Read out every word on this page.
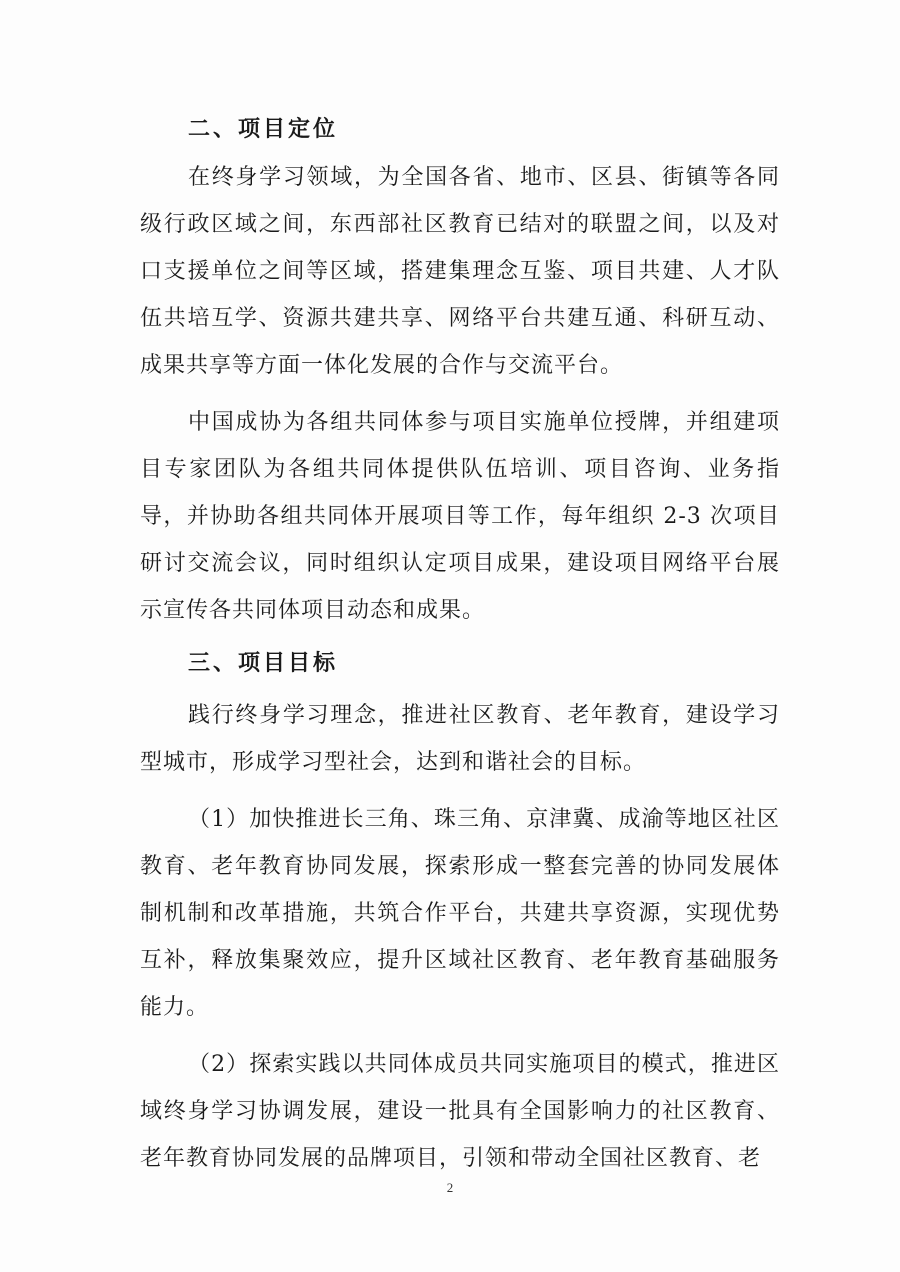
二、项目定位

在终身学习领域，为全国各省、地市、区县、街镇等各同级行政区域之间，东西部社区教育已结对的联盟之间，以及对口支援单位之间等区域，搭建集理念互鉴、项目共建、人才队伍共培互学、资源共建共享、网络平台共建互通、科研互动、成果共享等方面一体化发展的合作与交流平台。

中国成协为各组共同体参与项目实施单位授牌，并组建项目专家团队为各组共同体提供队伍培训、项目咨询、业务指导，并协助各组共同体开展项目等工作，每年组织 2-3 次项目研讨交流会议，同时组织认定项目成果，建设项目网络平台展示宣传各共同体项目动态和成果。

三、项目目标

践行终身学习理念，推进社区教育、老年教育，建设学习型城市，形成学习型社会，达到和谐社会的目标。

（1）加快推进长三角、珠三角、京津冀、成渝等地区社区教育、老年教育协同发展，探索形成一整套完善的协同发展体制机制和改革措施，共筑合作平台，共建共享资源，实现优势互补，释放集聚效应，提升区域社区教育、老年教育基础服务能力。

（2）探索实践以共同体成员共同实施项目的模式，推进区域终身学习协调发展，建设一批具有全国影响力的社区教育、老年教育协同发展的品牌项目，引领和带动全国社区教育、老

2
